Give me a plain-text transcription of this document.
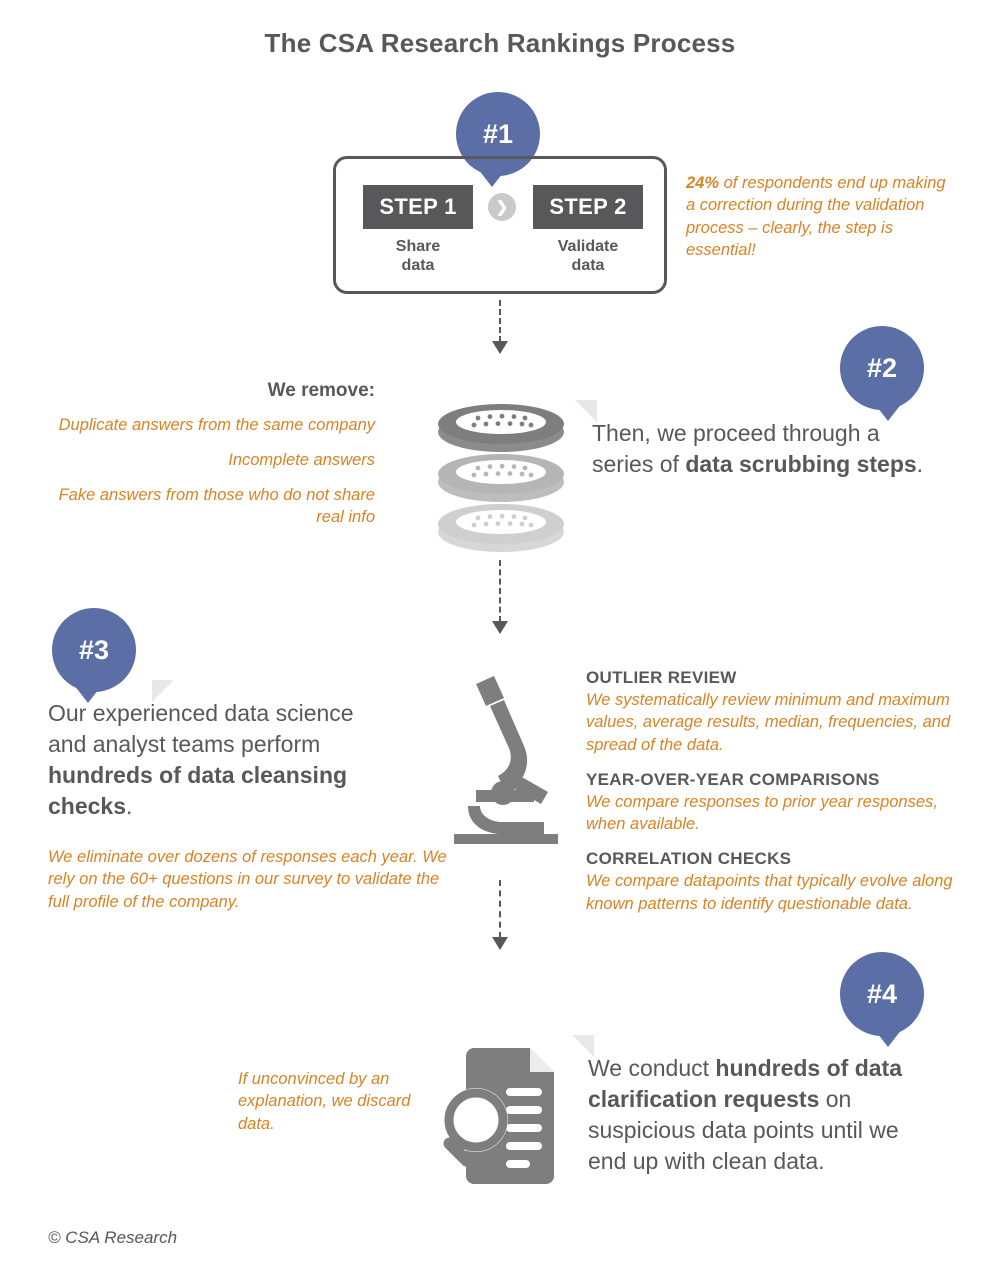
The CSA Research Rankings Process
#1
STEP 1
Share
data
❯	STEP 2
Validate
data
24% of respondents end up making a correction during the validation process – clearly, the step is essential!
#2
We remove:
Duplicate answers from the same company
Incomplete answers
Fake answers from those who do not share real info
Then, we proceed through a series of data scrubbing steps.
#3
Our experienced data science and analyst teams perform hundreds of data cleansing checks.
We eliminate over dozens of responses each year. We rely on the 60+ questions in our survey to validate the full profile of the company.
OUTLIER REVIEW
We systematically review minimum and maximum values, average results, median, frequencies, and spread of the data.
YEAR-OVER-YEAR COMPARISONS
We compare responses to prior year responses, when available.
CORRELATION CHECKS
We compare datapoints that typically evolve along known patterns to identify questionable data.
#4
We conduct hundreds of data clarification requests on suspicious data points until we end up with clean data.
If unconvinced by an explanation, we discard data.
© CSA Research
